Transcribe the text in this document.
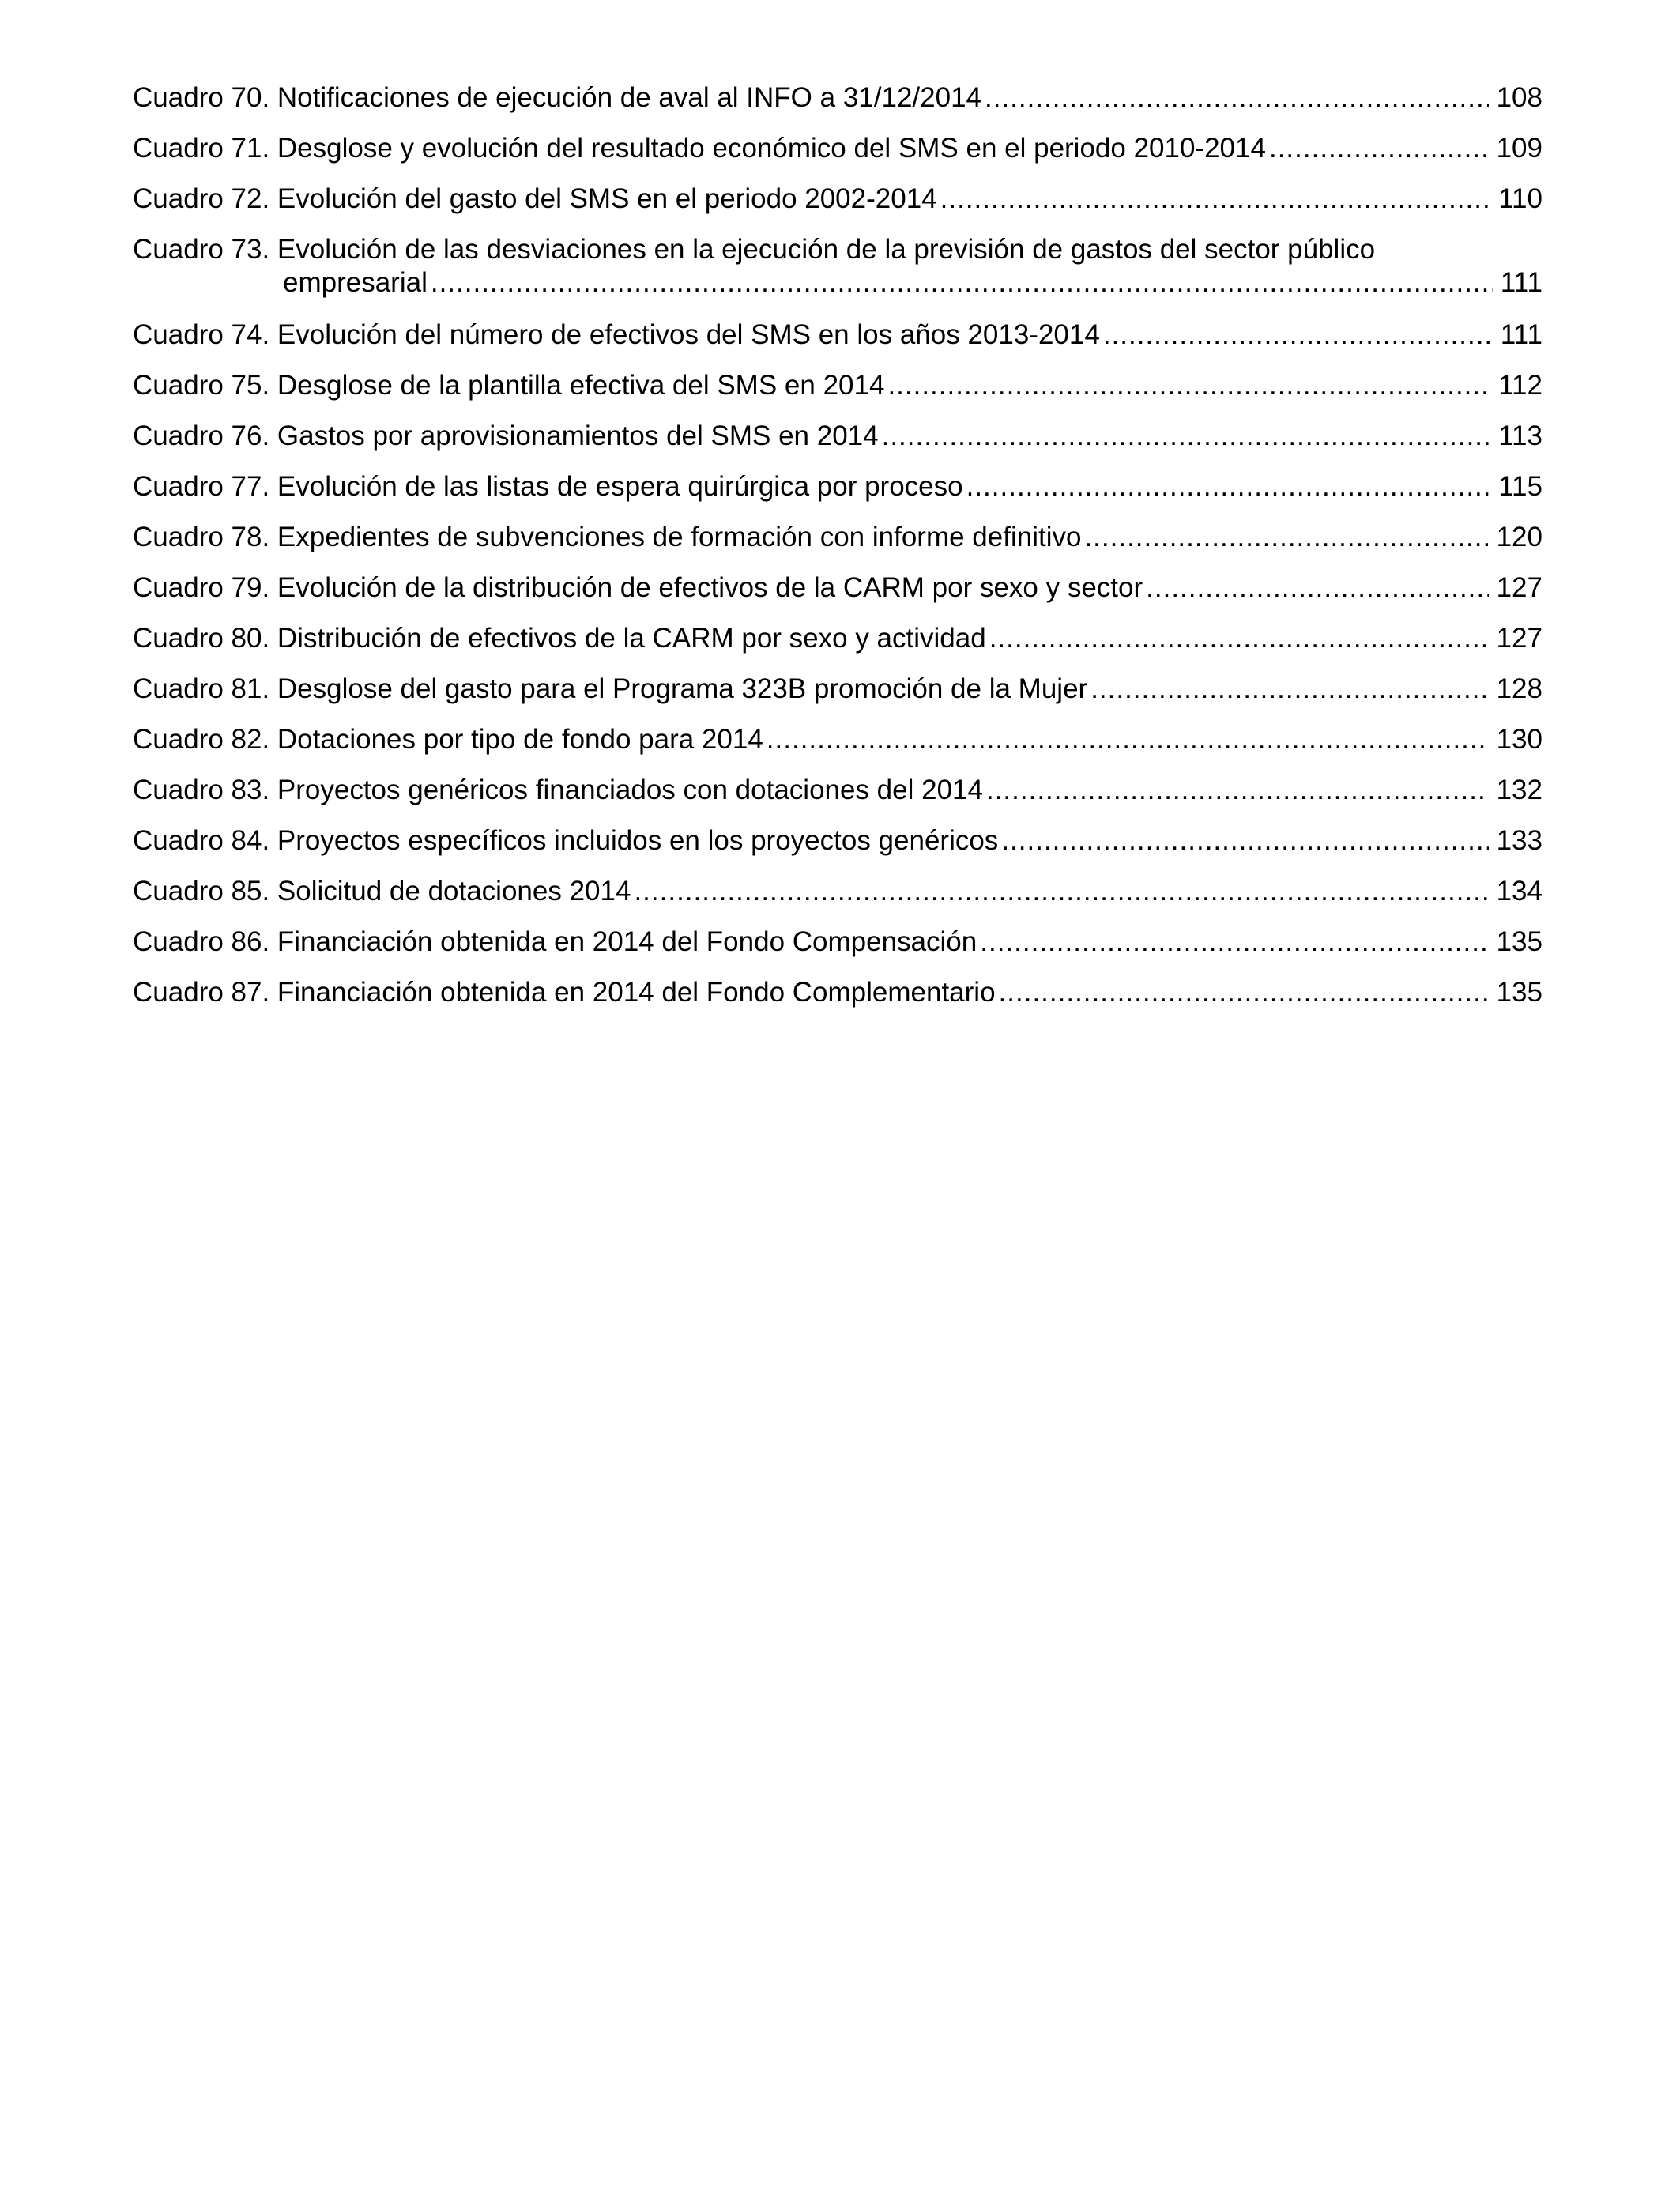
Cuadro 70. Notificaciones de ejecución de aval al INFO a 31/12/2014 .....	108
Cuadro 71. Desglose y evolución del resultado económico del SMS en el periodo 2010-2014 .....	109
Cuadro 72. Evolución del gasto del SMS en el periodo 2002-2014 .....	110
Cuadro 73. Evolución de las desviaciones en la ejecución de la previsión de gastos del sector público
empresarial .....	111
Cuadro 74. Evolución del número de efectivos del SMS en los años 2013-2014 .....	111
Cuadro 75. Desglose de la plantilla efectiva del SMS en 2014 .....	112
Cuadro 76. Gastos por aprovisionamientos del SMS en 2014 .....	113
Cuadro 77. Evolución de las listas de espera quirúrgica por proceso .....	115
Cuadro 78. Expedientes de subvenciones de formación con informe definitivo .....	120
Cuadro 79. Evolución de la distribución de efectivos de la CARM por sexo y sector .....	127
Cuadro 80. Distribución de efectivos de la CARM por sexo y actividad .....	127
Cuadro 81. Desglose del gasto para el Programa 323B promoción de la Mujer .....	128
Cuadro 82. Dotaciones por tipo de fondo para 2014 .....	130
Cuadro 83. Proyectos genéricos financiados con dotaciones del 2014 .....	132
Cuadro 84. Proyectos específicos incluidos en los proyectos genéricos .....	133
Cuadro 85. Solicitud de dotaciones 2014 .....	134
Cuadro 86. Financiación obtenida en 2014 del Fondo Compensación .....	135
Cuadro 87. Financiación obtenida en 2014 del Fondo Complementario .....	135
